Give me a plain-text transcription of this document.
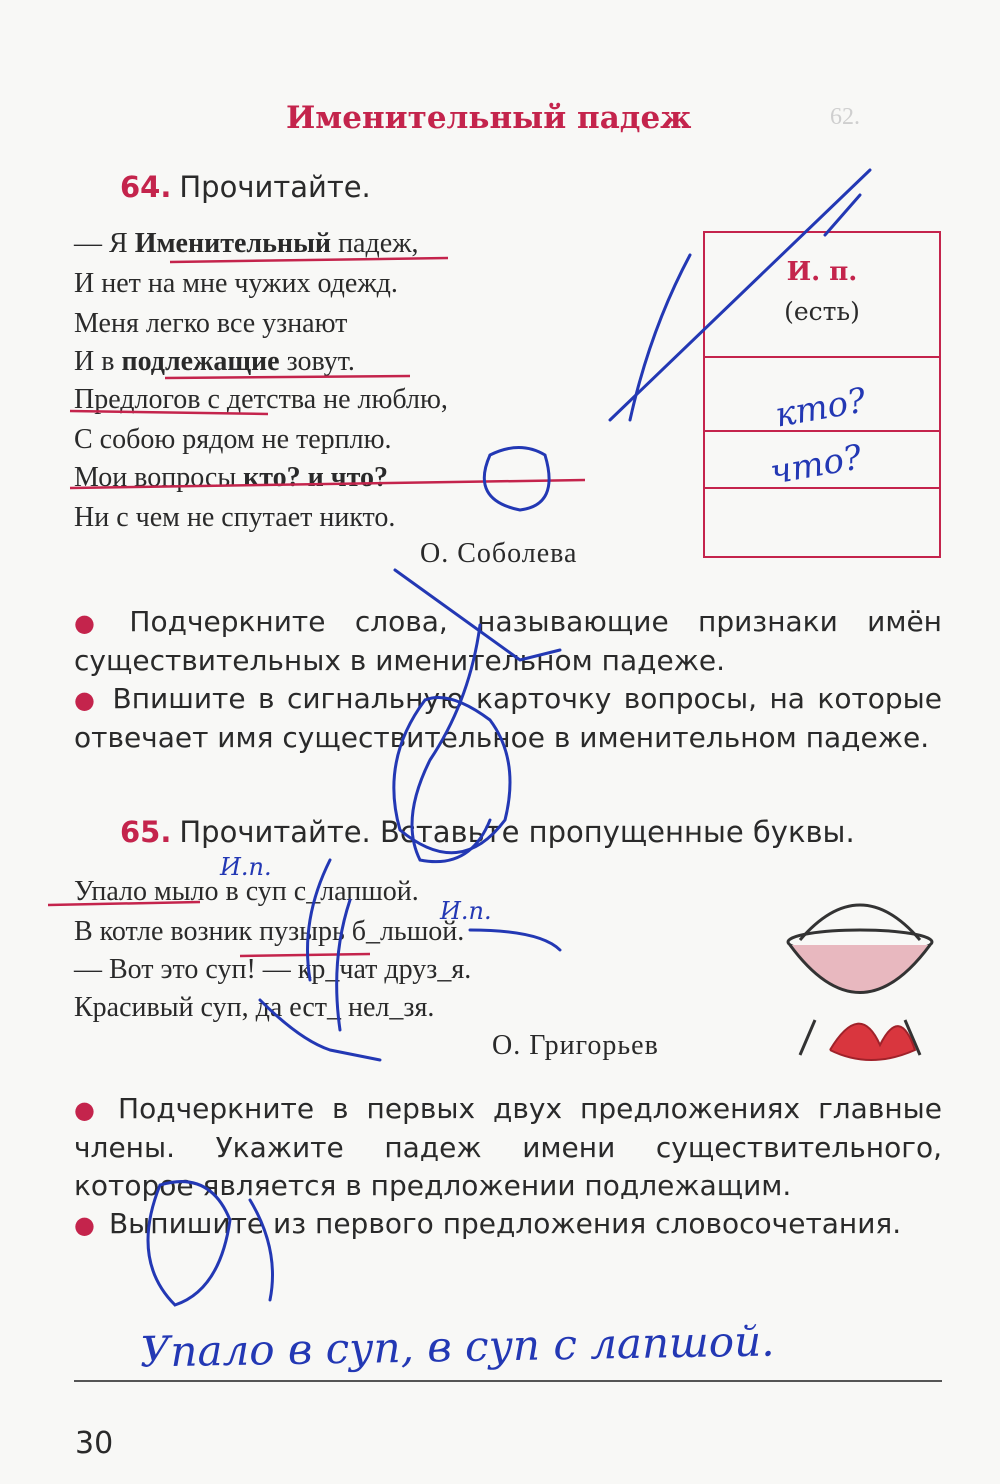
62.
Именительный падеж
64. Прочитайте.
— Я Именительный падеж,
И нет на мне чужих одежд.
Меня легко все узнают
И в подлежащие зовут.
Предлогов с детства не люблю,
С собою рядом не терплю.
Мои вопросы кто? и что?
Ни с чем не спутает никто.
О. Соболева

● Подчеркните слова, называющие признаки имён существительных в именительном падеже.

● Впишите в сигнальную карточку вопросы, на которые отвечает имя существительное в именительном падеже.

И. п.
(есть)
кто?
что?
65. Прочитайте. Вставьте пропущенные буквы.
Упало мыло в суп с_лапшой.
В котле возник пузырь б_льшой.
— Вот это суп! — кр_чат друз_я.
Красивый суп, да ест_ нел_зя.
О. Григорьев
И.п.
И.п.

● Подчеркните в первых двух предложениях главные члены. Укажите падеж имени существительного, которое является в предложении подлежащим.

● Выпишите из первого предложения словосочетания.

Упало в суп, в суп с лапшой.
30
